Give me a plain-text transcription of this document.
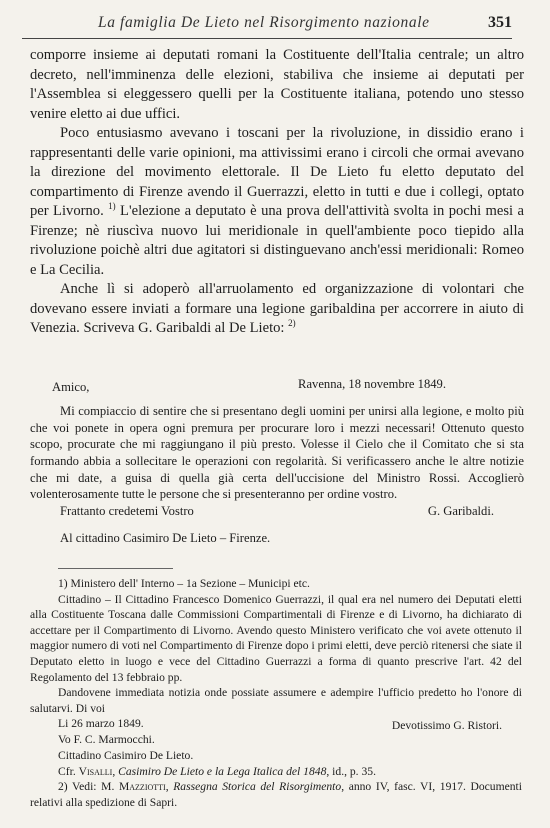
La famiglia De Lieto nel Risorgimento nazionale	351

comporre insieme ai deputati romani la Costituente dell'Italia centrale; un altro decreto, nell'imminenza delle elezioni, stabiliva che insieme ai deputati per l'Assemblea si eleggessero quelli per la Costituente italiana, potendo uno stesso venire eletto ai due uffici.

Poco entusiasmo avevano i toscani per la rivoluzione, in dissidio erano i rappresentanti delle varie opinioni, ma attivissimi erano i circoli che ormai avevano la direzione del movimento elettorale. Il De Lieto fu eletto deputato del compartimento di Firenze avendo il Guerrazzi, eletto in tutti e due i collegi, optato per Livorno. $^{1)}$ L'elezione a deputato è una prova dell'attività svolta in pochi mesi a Firenze; nè riuscìva nuovo lui meridionale in quell'ambiente poco tiepido alla rivoluzione poichè altri due agitatori si distinguevano anch'essi meridionali: Romeo e La Cecilia.

Anche lì si adoperò all'arruolamento ed organizzazione di volontari che dovevano essere inviati a formare una legione garibaldina per accorrere in aiuto di Venezia. Scriveva G. Garibaldi al De Lieto: $^{2)}$

Ravenna, 18 novembre 1849.

Amico,

Mi compiaccio di sentire che si presentano degli uomini per unirsi alla legione, e molto più che voi ponete in opera ogni premura per procurare loro i mezzi necessari! Ottenuto questo scopo, procurate che mi raggiungano il più presto. Volesse il Cielo che il Comitato che si sta formando abbia a sollecitare le operazioni con regolarità. Si verificassero anche le altre notizie che mi date, a guisa di quella già certa dell'uccisione del Ministro Rossi. Accoglierò volenterosamente tutte le persone che si presenteranno per ordine vostro.

Frattanto credetemi Vostro	G. Garibaldi.
Al cittadino Casimiro De Lieto – Firenze.

1) Ministero dell' Interno – 1a Sezione – Municipi etc.

Cittadino – Il Cittadino Francesco Domenico Guerrazzi, il qual era nel numero dei Deputati eletti alla Costituente Toscana dalle Commissioni Compartimentali di Firenze e di Livorno, ha dichiarato di accettare per il Compartimento di Livorno. Avendo questo Ministero verificato che voi avete ottenuto il maggior numero di voti nel Compartimento di Firenze dopo i primi eletti, deve perciò ritenersi che siate il Deputato eletto in luogo e vece del Cittadino Guerrazzi a forma di quanto prescrive l'art. 42 del Regolamento del 13 febbraio pp.

Dandovene immediata notizia onde possiate assumere e adempire l'ufficio predetto ho l'onore di salutarvi. Di voi

Li 26 marzo 1849.	Devotissimo G. Ristori.

Vo F. C. Marmocchi.

Cittadino Casimiro De Lieto.

Cfr. Visalli, Casimiro De Lieto e la Lega Italica del 1848, id., p. 35.

2) Vedi: M. Mazziotti, Rassegna Storica del Risorgimento, anno IV, fasc. VI, 1917. Documenti relativi alla spedizione di Sapri.
